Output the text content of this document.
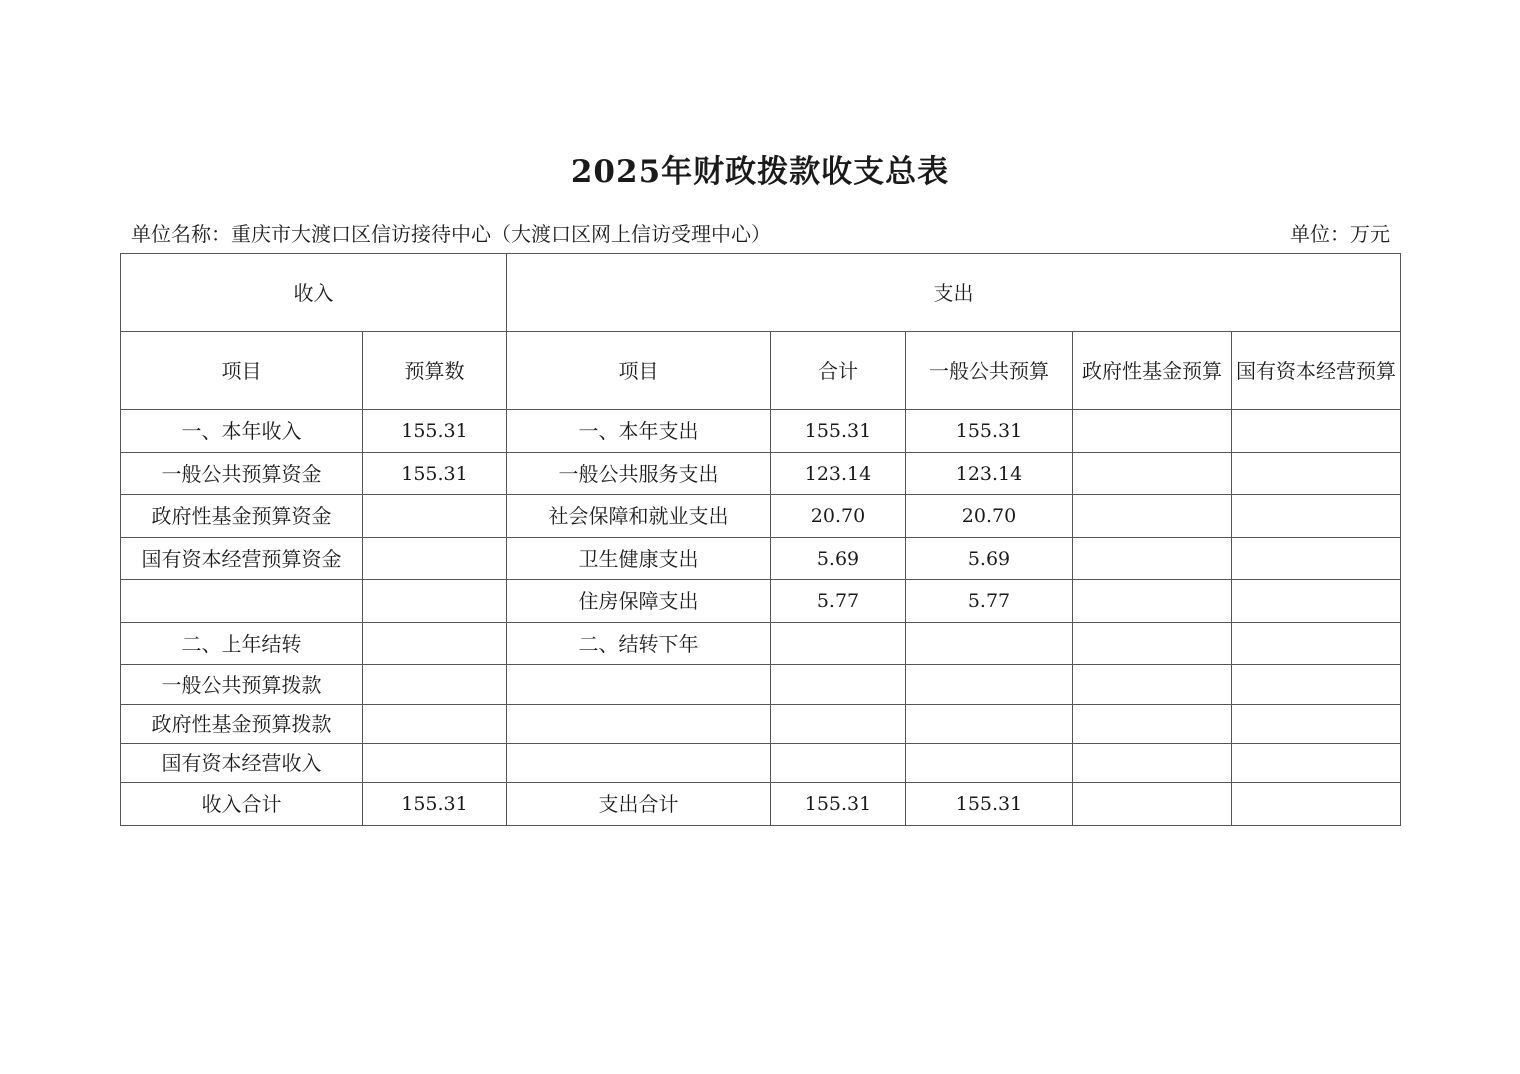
2025年财政拨款收支总表
单位名称：重庆市大渡口区信访接待中心（大渡口区网上信访受理中心）	单位：万元
收入		支出				
项目	预算数	项目	合计	一般公共预算	政府性基金预算	国有资本经营预算
一、本年收入	155.31	一、本年支出	155.31	155.31		
一般公共预算资金	155.31	一般公共服务支出	123.14	123.14		
政府性基金预算资金		社会保障和就业支出	20.70	20.70		
国有资本经营预算资金		卫生健康支出	5.69	5.69		
		住房保障支出	5.77	5.77		
二、上年结转		二、结转下年				
一般公共预算拨款						
政府性基金预算拨款						
国有资本经营收入						
收入合计	155.31	支出合计	155.31	155.31		
